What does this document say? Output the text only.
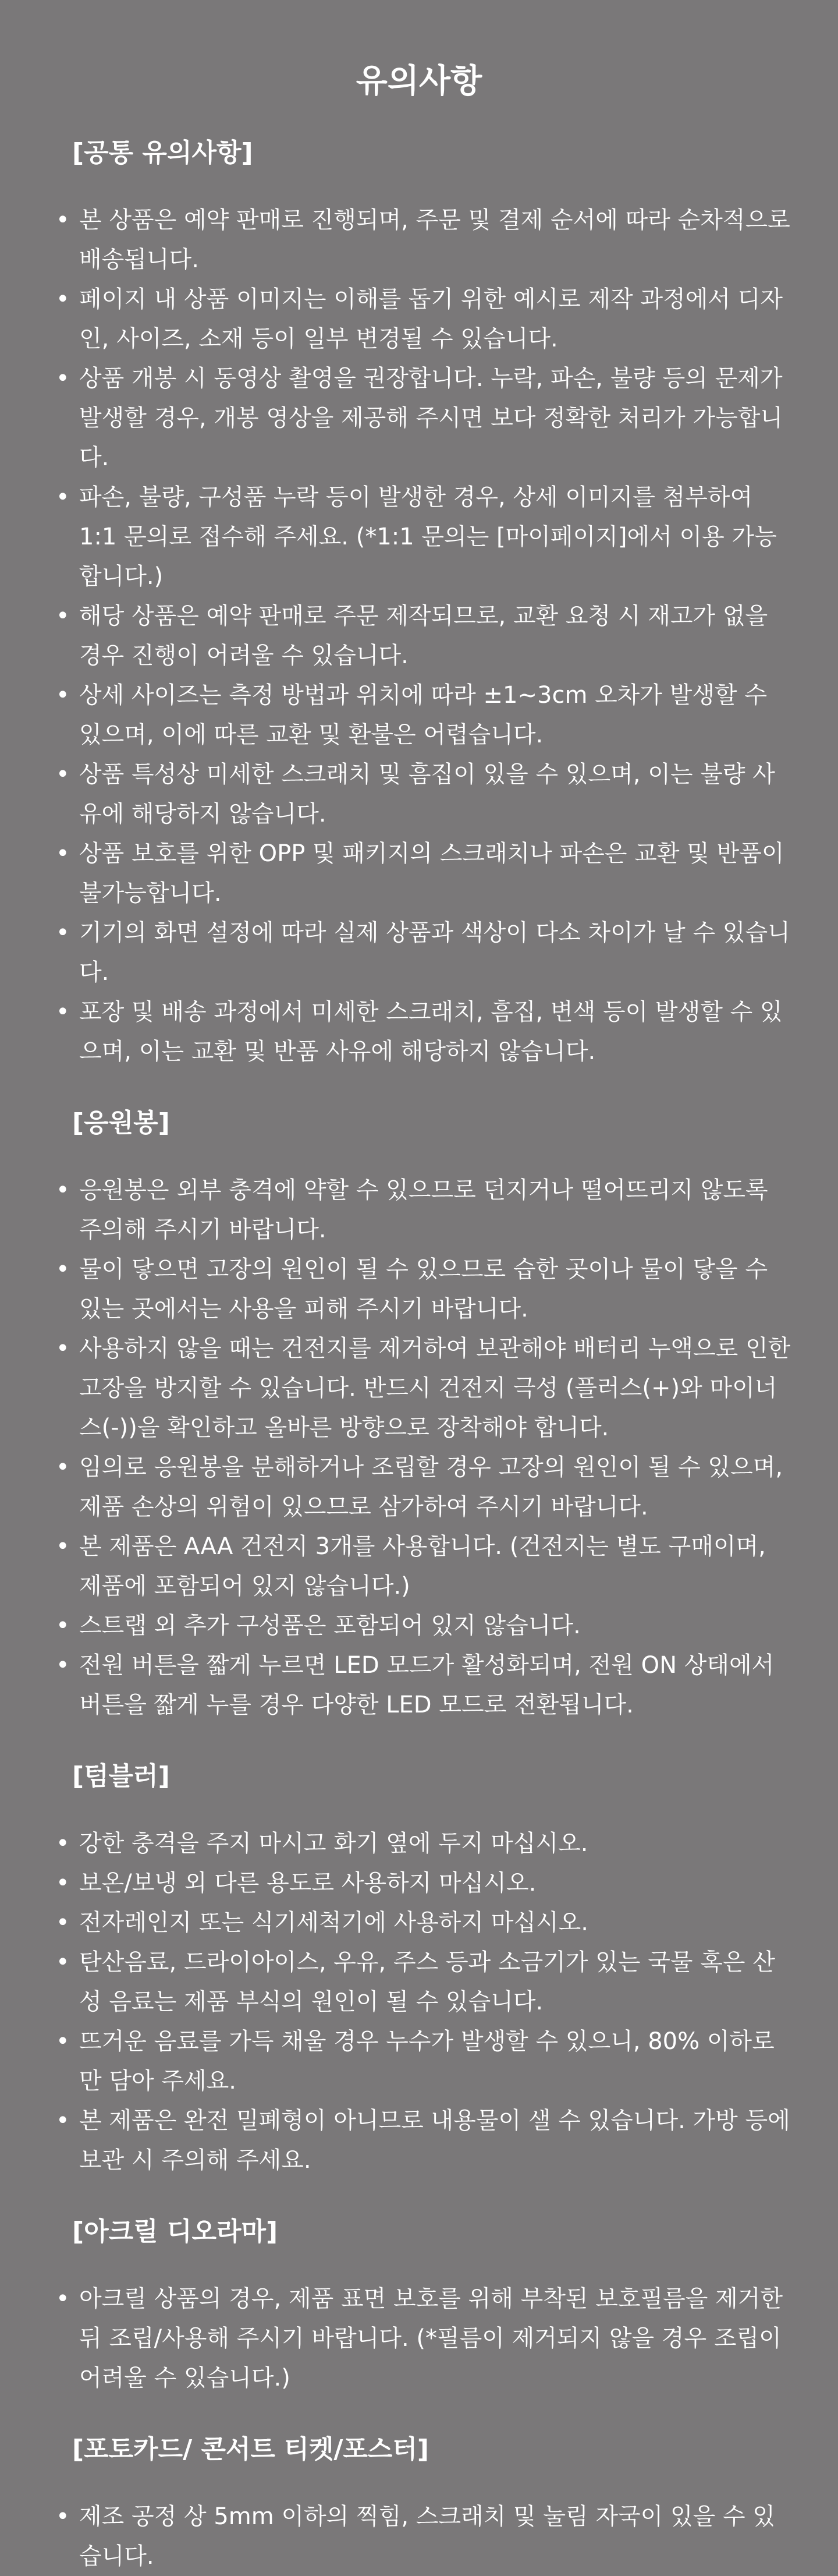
유의사항
[공통 유의사항]
• 본 상품은 예약 판매로 진행되며, 주문 및 결제 순서에 따라 순차적으로 배송됩니다.
• 페이지 내 상품 이미지는 이해를 돕기 위한 예시로 제작 과정에서 디자인, 사이즈, 소재 등이 일부 변경될 수 있습니다.
• 상품 개봉 시 동영상 촬영을 권장합니다. 누락, 파손, 불량 등의 문제가 발생할 경우, 개봉 영상을 제공해 주시면 보다 정확한 처리가 가능합니다.
• 파손, 불량, 구성품 누락 등이 발생한 경우, 상세 이미지를 첨부하여 1:1 문의로 접수해 주세요. (*1:1 문의는 [마이페이지]에서 이용 가능합니다.)
• 해당 상품은 예약 판매로 주문 제작되므로, 교환 요청 시 재고가 없을 경우 진행이 어려울 수 있습니다.
• 상세 사이즈는 측정 방법과 위치에 따라 ±1~3cm 오차가 발생할 수 있으며, 이에 따른 교환 및 환불은 어렵습니다.
• 상품 특성상 미세한 스크래치 및 흠집이 있을 수 있으며, 이는 불량 사유에 해당하지 않습니다.
• 상품 보호를 위한 OPP 및 패키지의 스크래치나 파손은 교환 및 반품이 불가능합니다.
• 기기의 화면 설정에 따라 실제 상품과 색상이 다소 차이가 날 수 있습니다.
• 포장 및 배송 과정에서 미세한 스크래치, 흠집, 변색 등이 발생할 수 있으며, 이는 교환 및 반품 사유에 해당하지 않습니다.
[응원봉]
• 응원봉은 외부 충격에 약할 수 있으므로 던지거나 떨어뜨리지 않도록 주의해 주시기 바랍니다.
• 물이 닿으면 고장의 원인이 될 수 있으므로 습한 곳이나 물이 닿을 수 있는 곳에서는 사용을 피해 주시기 바랍니다.
• 사용하지 않을 때는 건전지를 제거하여 보관해야 배터리 누액으로 인한 고장을 방지할 수 있습니다. 반드시 건전지 극성 (플러스(+)와 마이너스(-))을 확인하고 올바른 방향으로 장착해야 합니다.
• 임의로 응원봉을 분해하거나 조립할 경우 고장의 원인이 될 수 있으며, 제품 손상의 위험이 있으므로 삼가하여 주시기 바랍니다.
• 본 제품은 AAA 건전지 3개를 사용합니다. (건전지는 별도 구매이며, 제품에 포함되어 있지 않습니다.)
• 스트랩 외 추가 구성품은 포함되어 있지 않습니다.
• 전원 버튼을 짧게 누르면 LED 모드가 활성화되며, 전원 ON 상태에서 버튼을 짧게 누를 경우 다양한 LED 모드로 전환됩니다.
[텀블러]
• 강한 충격을 주지 마시고 화기 옆에 두지 마십시오.
• 보온/보냉 외 다른 용도로 사용하지 마십시오.
• 전자레인지 또는 식기세척기에 사용하지 마십시오.
• 탄산음료, 드라이아이스, 우유, 주스 등과 소금기가 있는 국물 혹은 산성 음료는 제품 부식의 원인이 될 수 있습니다.
• 뜨거운 음료를 가득 채울 경우 누수가 발생할 수 있으니, 80% 이하로만 담아 주세요.
• 본 제품은 완전 밀폐형이 아니므로 내용물이 샐 수 있습니다. 가방 등에 보관 시 주의해 주세요.
[아크릴 디오라마]
• 아크릴 상품의 경우, 제품 표면 보호를 위해 부착된 보호필름을 제거한 뒤 조립/사용해 주시기 바랍니다. (*필름이 제거되지 않을 경우 조립이 어려울 수 있습니다.)
[포토카드/ 콘서트 티켓/포스터]
• 제조 공정 상 5mm 이하의 찍힘, 스크래치 및 눌림 자국이 있을 수 있습니다.
